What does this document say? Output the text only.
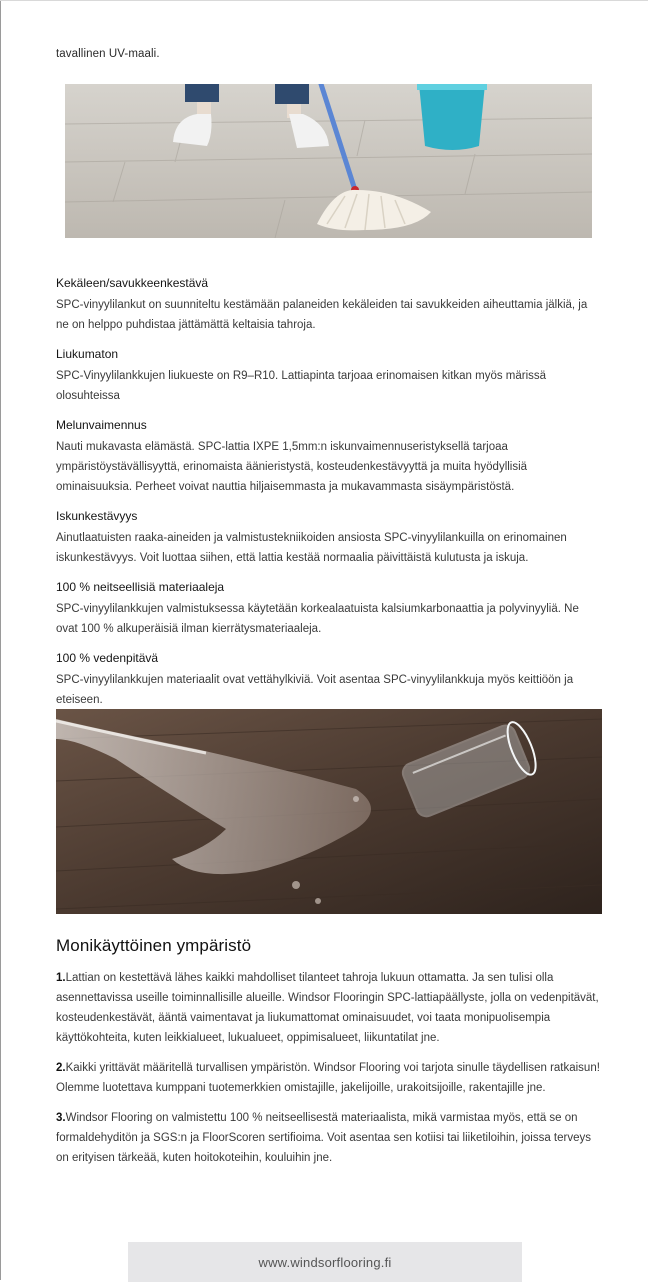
tavallinen UV-maali.
Kekäleen/savukkeenkestävä

SPC-vinyylilankut on suunniteltu kestämään palaneiden kekäleiden tai savukkeiden aiheuttamia jälkiä, ja ne on helppo puhdistaa jättämättä keltaisia tahroja.

Liukumaton

SPC-Vinyylilankkujen liukueste on R9–R10. Lattiapinta tarjoaa erinomaisen kitkan myös märissä olosuhteissa

Melunvaimennus

Nauti mukavasta elämästä. SPC-lattia IXPE 1,5mm:n iskunvaimennuseristyksellä tarjoaa ympäristöystävällisyyttä, erinomaista äänieristystä, kosteudenkestävyyttä ja muita hyödyllisiä ominaisuuksia. Perheet voivat nauttia hiljaisemmasta ja mukavammasta sisäympäristöstä.

Iskunkestävyys

Ainutlaatuisten raaka-aineiden ja valmistustekniikoiden ansiosta SPC-vinyylilankuilla on erinomainen iskunkestävyys. Voit luottaa siihen, että lattia kestää normaalia päivittäistä kulutusta ja iskuja.

100 % neitseellisiä materiaaleja

SPC-vinyylilankkujen valmistuksessa käytetään korkealaatuista kalsiumkarbonaattia ja polyvinyyliä. Ne ovat 100 % alkuperäisiä ilman kierrätysmateriaaleja.

100 % vedenpitävä

SPC-vinyylilankkujen materiaalit ovat vettähylkiviä. Voit asentaa SPC-vinyylilankkuja myös keittiöön ja eteiseen.

Monikäyttöinen ympäristö

1.Lattian on kestettävä lähes kaikki mahdolliset tilanteet tahroja lukuun ottamatta. Ja sen tulisi olla asennettavissa useille toiminnallisille alueille. Windsor Flooringin SPC-lattiapäällyste, jolla on vedenpitävät, kosteudenkestävät, ääntä vaimentavat ja liukumattomat ominaisuudet, voi taata monipuolisempia käyttökohteita, kuten leikkialueet, lukualueet, oppimisalueet, liikuntatilat jne.

2.Kaikki yrittävät määritellä turvallisen ympäristön. Windsor Flooring voi tarjota sinulle täydellisen ratkaisun! Olemme luotettava kumppani tuotemerkkien omistajille, jakelijoille, urakoitsijoille, rakentajille jne.

3.Windsor Flooring on valmistettu 100 % neitseellisestä materiaalista, mikä varmistaa myös, että se on formaldehyditön ja SGS:n ja FloorScoren sertifioima. Voit asentaa sen kotiisi tai liiketiloihin, joissa terveys on erityisen tärkeää, kuten hoitokoteihin, kouluihin jne.

www.windsorflooring.fi
